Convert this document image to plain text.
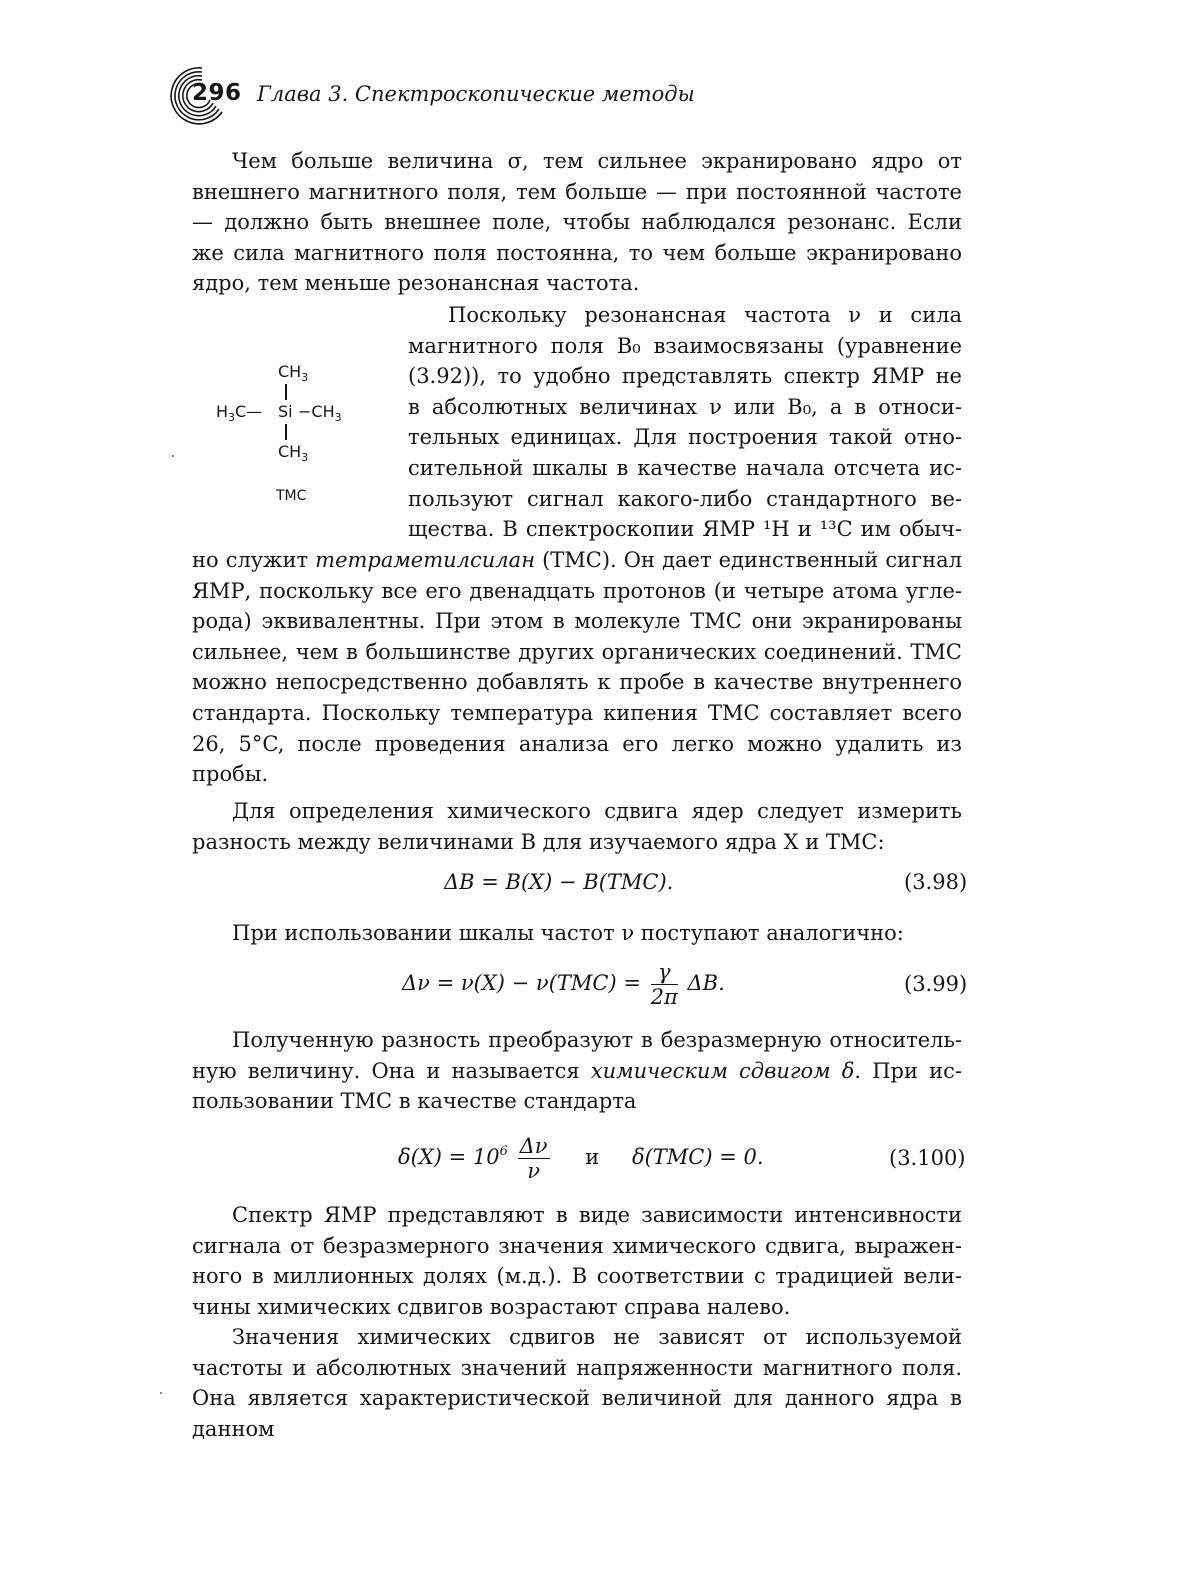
296 Глава 3. Спектроскопические методы

Чем больше величина σ, тем сильнее экранировано ядро от внешнего магнитного поля, тем больше — при постоянной частоте — должно быть внешнее поле, чтобы наблюдался резонанс. Если же сила магнитного поля постоянна, то чем больше экранировано ядро, тем меньше резонансная частота.

Поскольку резонансная частота ν и сила
магнитного поля B₀ взаимосвязаны (уравнение
(3.92)), то удобно представлять спектр ЯМР не
в абсолютных величинах ν или B₀, а в относи-
тельных единицах. Для построения такой отно-
сительной шкалы в качестве начала отсчета ис-
пользуют сигнал какого-либо стандартного ве-
щества. В спектроскопии ЯМР ¹H и ¹³C им обыч-
$CH_3$
$H_3C—$ $Si -CH_3$
$CH_3$
TMC

но служит тетраметилсилан (ТМС). Он дает единственный сигнал ЯМР, поскольку все его двенадцать протонов (и четыре атома углерода) эквивалентны. При этом в молекуле ТМС они экранированы сильнее, чем в большинстве других органических соединений. ТМС можно непосредственно добавлять к пробе в качестве внутреннего стандарта. Поскольку температура кипения ТМС составляет всего 26, 5°C, после проведения анализа его легко можно удалить из пробы.

Для определения химического сдвига ядер следует измерить разность между величинами B для изучаемого ядра X и ТМС:

ΔB = B(X) − B(TMC).	(3.98)

При использовании шкалы частот ν поступают аналогично:

$\Delta\nu = \nu(X) - \nu(TMC) = \frac{\gamma}{2\pi} \Delta B$.	(3.99)

Полученную разность преобразуют в безразмерную относительную величину. Она и называется химическим сдвигом δ. При использовании ТМС в качестве стандарта

$\delta(X) = 10^6 \frac{\Delta\nu}{\nu}$ и δ(TMC) = 0.	(3.100)

Спектр ЯМР представляют в виде зависимости интенсивности сигнала от безразмерного значения химического сдвига, выраженного в миллионных долях (м.д.). В соответствии с традицией величины химических сдвигов возрастают справа налево.

Значения химических сдвигов не зависят от используемой частоты и абсолютных значений напряженности магнитного поля. Она является характеристической величиной для данного ядра в данном
